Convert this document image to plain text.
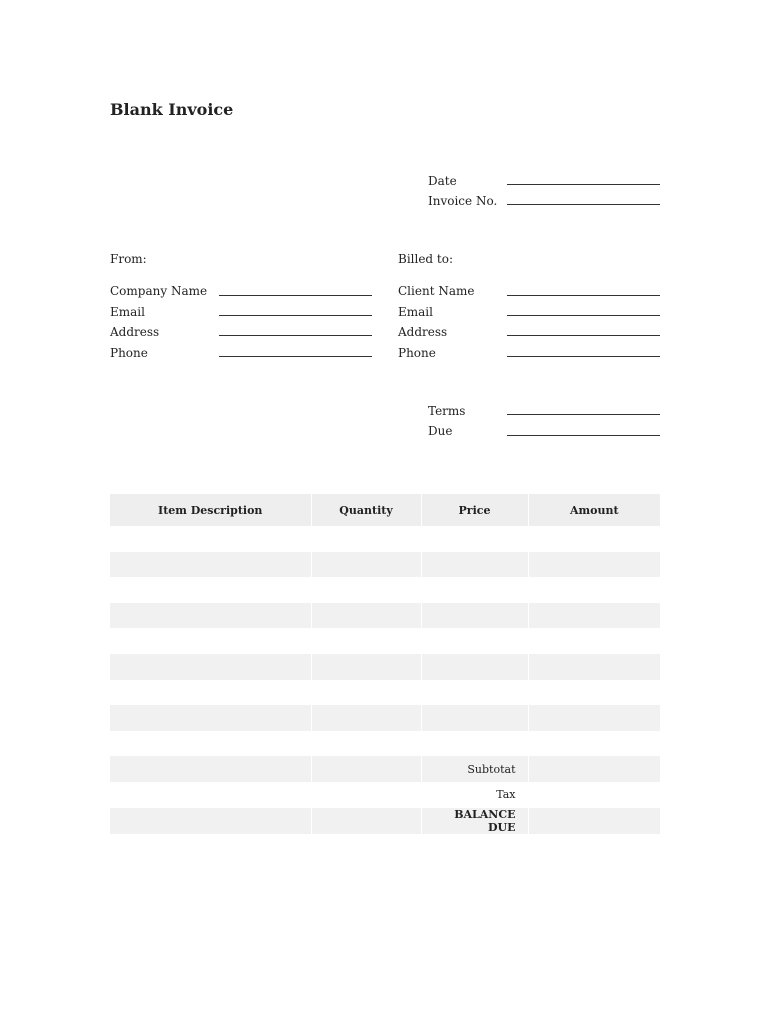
Blank Invoice
Date
Invoice No.
From:
Company Name
Email
Address
Phone
Billed to:
Client Name
Email
Address
Phone
Terms
Due
Item Description	Quantity	Price	Amount

		Subtotat	
		Tax	
		BALANCE DUE	
